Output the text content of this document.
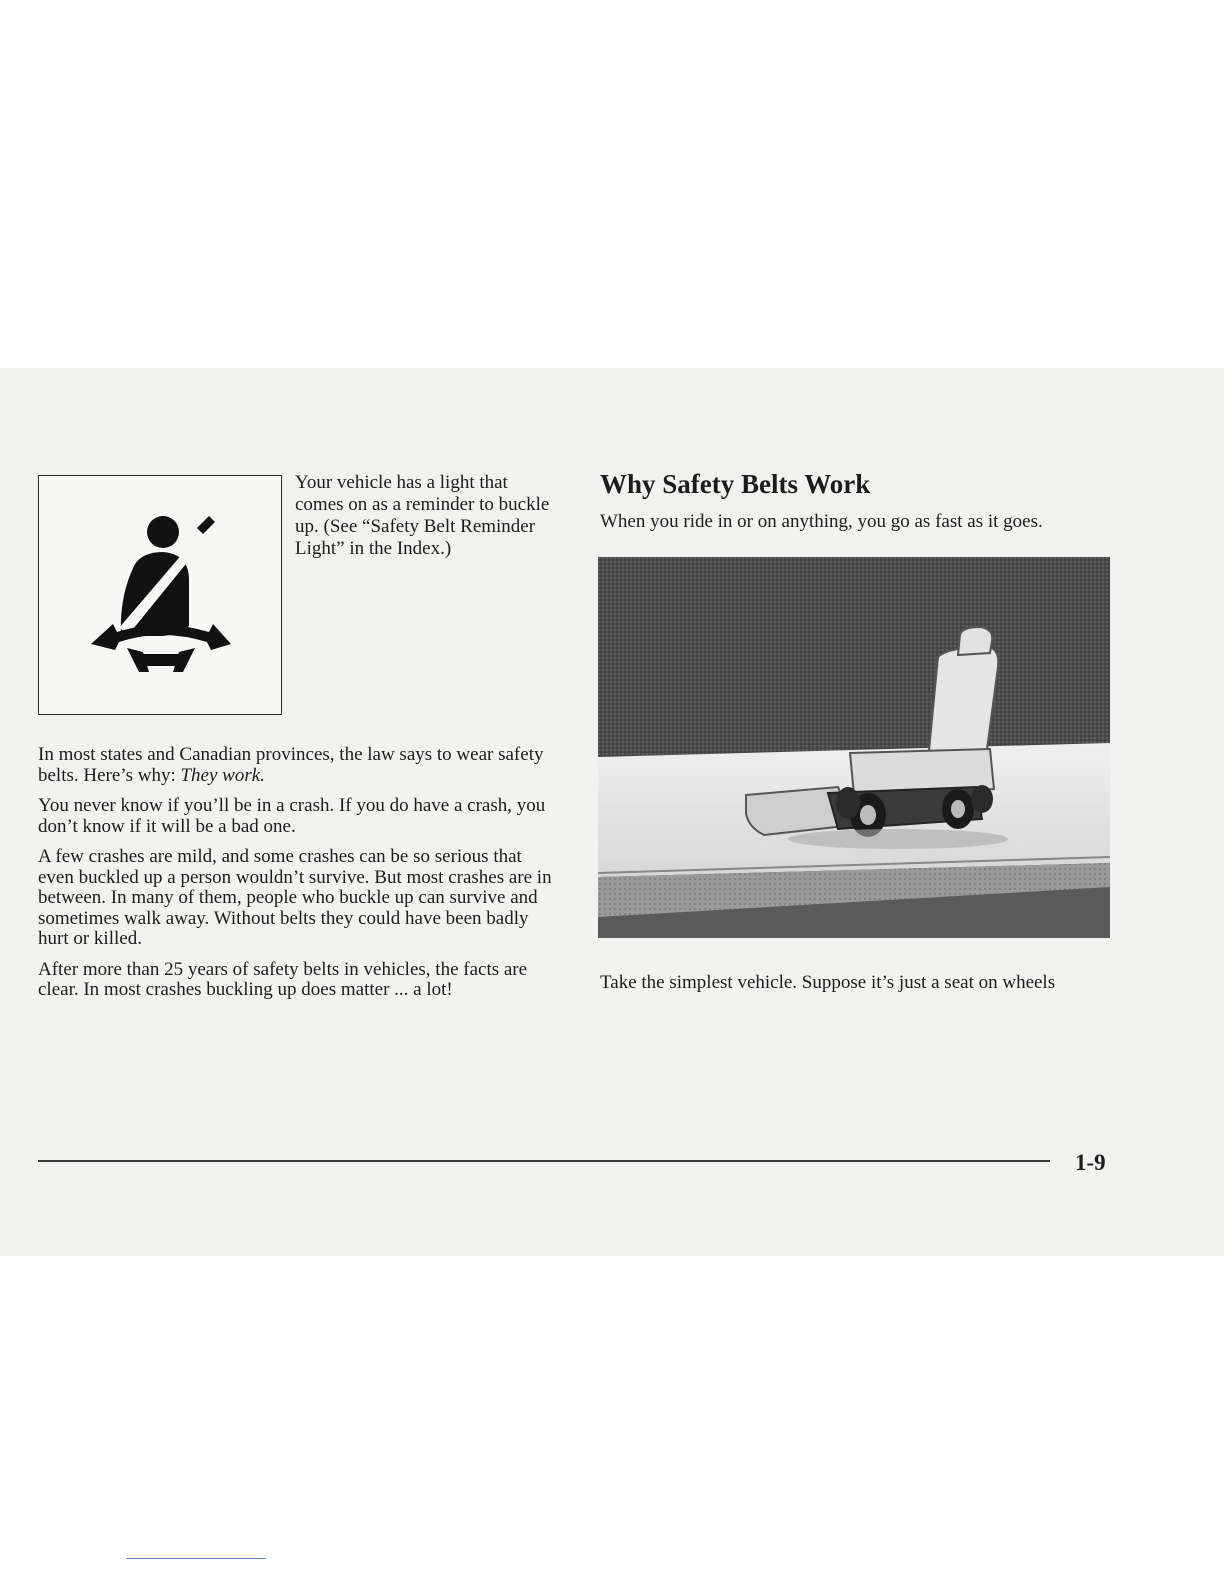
Your vehicle has a light that comes on as a reminder to buckle up. (See “Safety Belt Reminder Light” in the Index.)

In most states and Canadian provinces, the law says to wear safety belts. Here’s why: They work.

You never know if you’ll be in a crash. If you do have a crash, you don’t know if it will be a bad one.

A few crashes are mild, and some crashes can be so serious that even buckled up a person wouldn’t survive. But most crashes are in between. In many of them, people who buckle up can survive and sometimes walk away. Without belts they could have been badly hurt or killed.

After more than 25 years of safety belts in vehicles, the facts are clear. In most crashes buckling up does matter ... a lot!

Why Safety Belts Work

When you ride in or on anything, you go as fast as it goes.

Take the simplest vehicle. Suppose it’s just a seat on wheels

1-9
